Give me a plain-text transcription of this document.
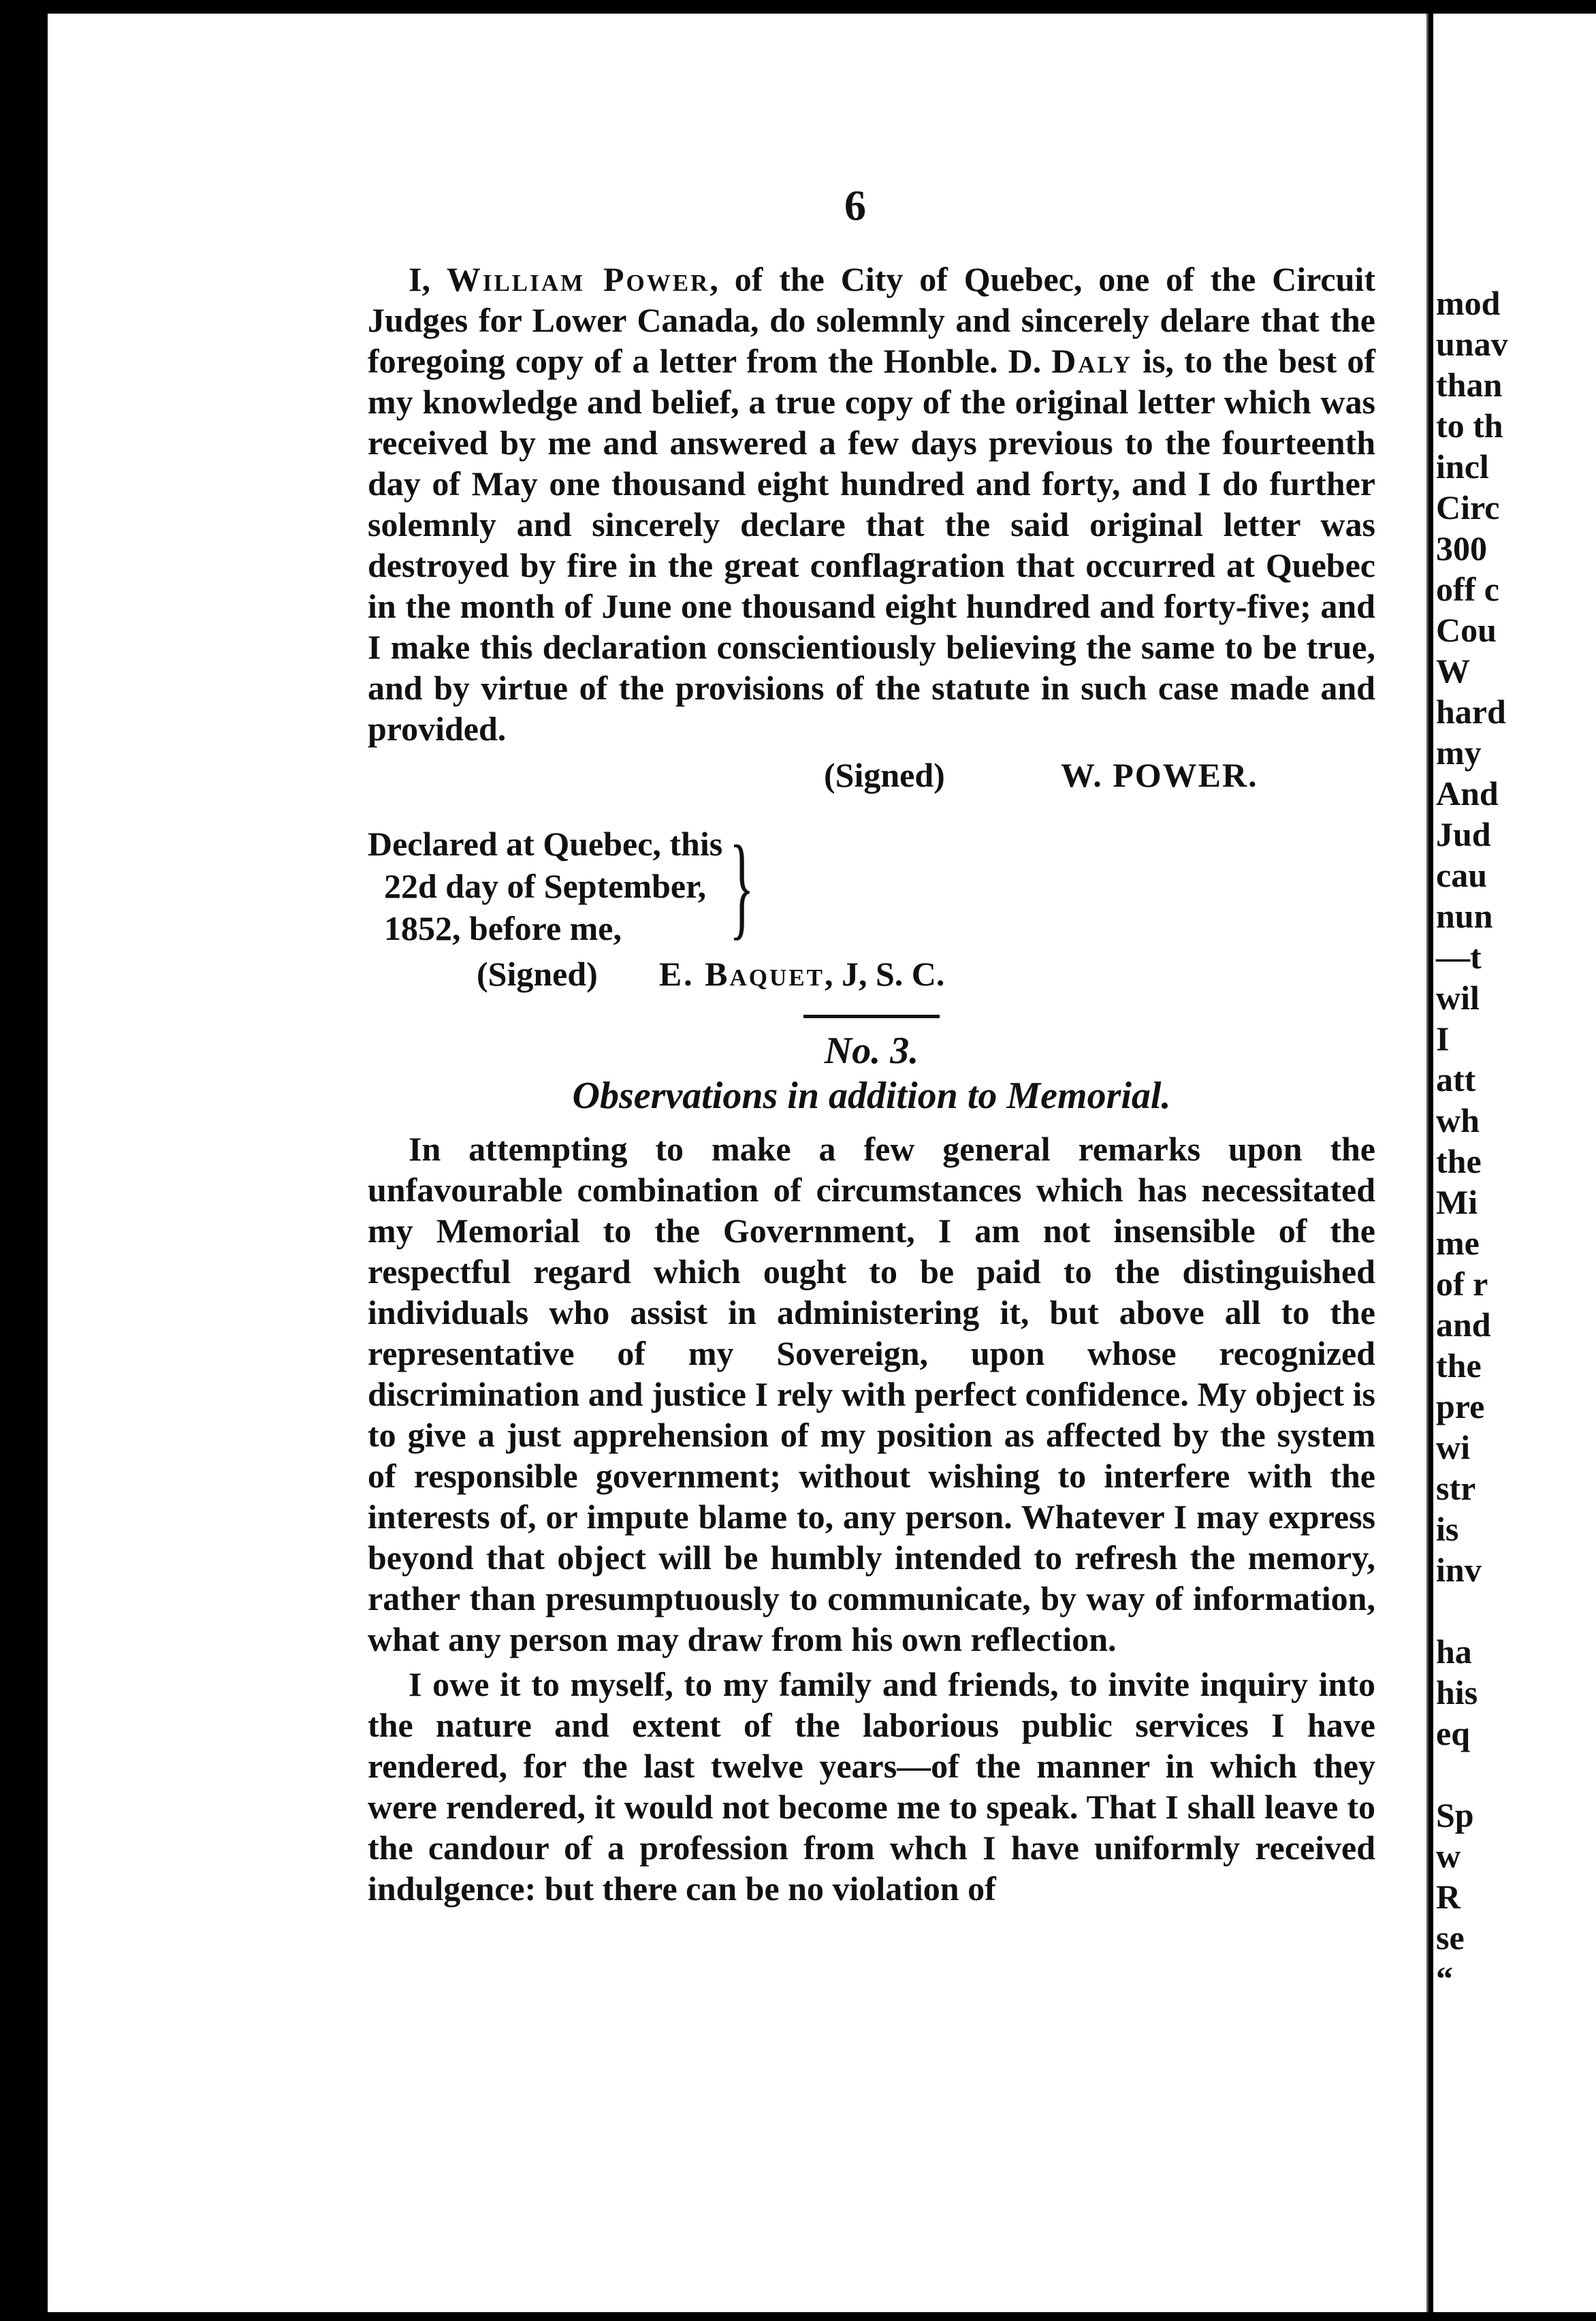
6

I, William Power, of the City of Quebec, one of the Circuit Judges for Lower Canada, do solemnly and sincerely delare that the foregoing copy of a letter from the Honble. D. Daly is, to the best of my knowledge and belief, a true copy of the original letter which was received by me and answered a few days previous to the fourteenth day of May one thousand eight hundred and forty, and I do further solemnly and sincerely declare that the said original letter was destroyed by fire in the great conflagration that occurred at Quebec in the month of June one thousand eight hundred and forty-five; and I make this declaration conscientiously believing the same to be true, and by virtue of the provisions of the statute in such case made and provided.

(Signed)	W. POWER.
Declared at Quebec, this
22d day of September,
1852, before me, }
(Signed) E. Baquet, J, S. C.
No. 3.
Observations in addition to Memorial.

In attempting to make a few general remarks upon the unfavourable combination of circumstances which has necessitated my Memorial to the Government, I am not insensible of the respectful regard which ought to be paid to the distinguished individuals who assist in administering it, but above all to the representative of my Sovereign, upon whose recognized discrimination and justice I rely with perfect confidence. My object is to give a just apprehension of my position as affected by the system of responsible government; without wishing to interfere with the interests of, or impute blame to, any person. Whatever I may express beyond that object will be humbly intended to refresh the memory, rather than presumptuously to communicate, by way of information, what any person may draw from his own reflection.

I owe it to myself, to my family and friends, to invite inquiry into the nature and extent of the laborious public services I have rendered, for the last twelve years—of the manner in which they were rendered, it would not become me to speak. That I shall leave to the candour of a profession from whch I have uniformly received indulgence: but there can be no violation of

mod
unav
than
to th
incl
Circ
300
off c
Cou
W
hard
my
And
Jud
cau
nun
—t
wil
I
att
wh
the
Mi
me
of r
and
the
pre
wi
str
is
inv
ha
his
eq
Sp
w
R
se
“
